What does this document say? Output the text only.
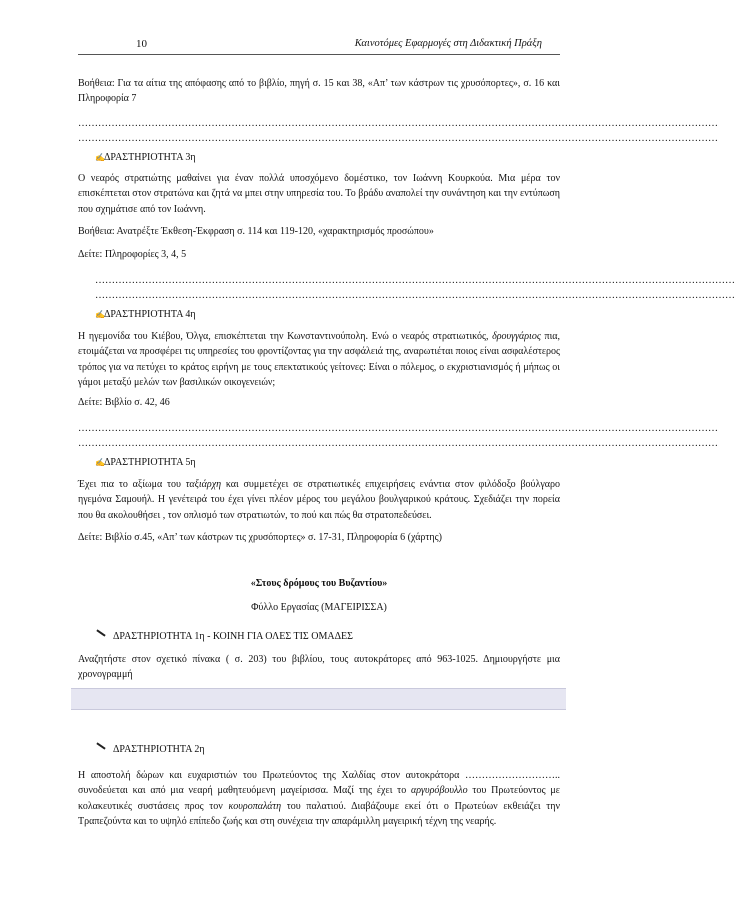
10	Καινοτόμες Εφαρμογές στη Διδακτική Πράξη
Βοήθεια: Για τα αίτια της απόφασης από το βιβλίο, πηγή σ. 15 και 38, «Απ’ των κάστρων τις χρυσόπορτες», σ. 16 και Πληροφορία 7
…………………………………………………………………………………………………………………………………………………………………………
…………………………………………………………………………………………………………………………………………………………………………
✍ΔΡΑΣΤΗΡΙΟΤΗΤΑ 3η
Ο νεαρός στρατιώτης μαθαίνει για έναν πολλά υποσχόμενο δομέστικο, τον Ιωάννη Κουρκούα. Μια μέρα τον επισκέπτεται στον στρατώνα και ζητά να μπει στην υπηρεσία του. Το βράδυ αναπολεί την συνάντηση και την εντύπωση που σχημάτισε από τον Ιωάννη.
Βοήθεια: Ανατρέξτε Έκθεση-Έκφραση σ. 114 και 119-120, «χαρακτηρισμός προσώπου»
Δείτε: Πληροφορίες 3, 4, 5
…………………………………………………………………………………………………………………………………………………………………………
…………………………………………………………………………………………………………………………………………………………………………
✍ΔΡΑΣΤΗΡΙΟΤΗΤΑ 4η
Η ηγεμονίδα του Κιέβου, Όλγα, επισκέπτεται την Κωνσταντινούπολη. Ενώ ο νεαρός στρατιωτικός, δρουγγάριος πια, ετοιμάζεται να προσφέρει τις υπηρεσίες του φροντίζοντας για την ασφάλειά της, αναρωτιέται ποιος είναι ασφαλέστερος τρόπος για να πετύχει το κράτος ειρήνη με τους επεκτατικούς γείτονες: Είναι ο πόλεμος, ο εκχριστιανισμός ή μήπως οι γάμοι μεταξύ μελών των βασιλικών οικογενειών;
Δείτε: Βιβλίο σ. 42, 46
…………………………………………………………………………………………………………………………………………………………………………
…………………………………………………………………………………………………………………………………………………………………………
✍ΔΡΑΣΤΗΡΙΟΤΗΤΑ 5η
Έχει πια το αξίωμα του ταξιάρχη και συμμετέχει σε στρατιωτικές επιχειρήσεις ενάντια στον φιλόδοξο βούλγαρο ηγεμόνα Σαμουήλ. Η γενέτειρά του έχει γίνει πλέον μέρος του μεγάλου βουλγαρικού κράτους. Σχεδιάζει την πορεία που θα ακολουθήσει , τον οπλισμό των στρατιωτών, το πού και πώς θα στρατοπεδεύσει.
Δείτε: Βιβλίο σ.45, «Απ’ των κάστρων τις χρυσόπορτες» σ. 17-31, Πληροφορία 6 (χάρτης)
«Στους δρόμους του Βυζαντίου»
Φύλλο Εργασίας (ΜΑΓΕΙΡΙΣΣΑ)
ΔΡΑΣΤΗΡΙΟΤΗΤΑ 1η - ΚΟΙΝΗ ΓΙΑ ΟΛΕΣ ΤΙΣ ΟΜΑΔΕΣ
Αναζητήστε στον σχετικό πίνακα ( σ. 203) του βιβλίου, τους αυτοκράτορες από 963-1025. Δημιουργήστε μια χρονογραμμή
ΔΡΑΣΤΗΡΙΟΤΗΤΑ 2η
Η αποστολή δώρων και ευχαριστιών του Πρωτεύοντος της Χαλδίας στον αυτοκράτορα ……………………….. συνοδεύεται και από μια νεαρή μαθητευόμενη μαγείρισσα. Μαζί της έχει το αργυρόβουλλο του Πρωτεύοντος με κολακευτικές συστάσεις προς τον κουροπαλάτη του παλατιού. Διαβάζουμε εκεί ότι ο Πρωτεύων εκθειάζει την Τραπεζούντα και το υψηλό επίπεδο ζωής και στη συνέχεια την απαράμιλλη μαγειρική τέχνη της νεαρής.
